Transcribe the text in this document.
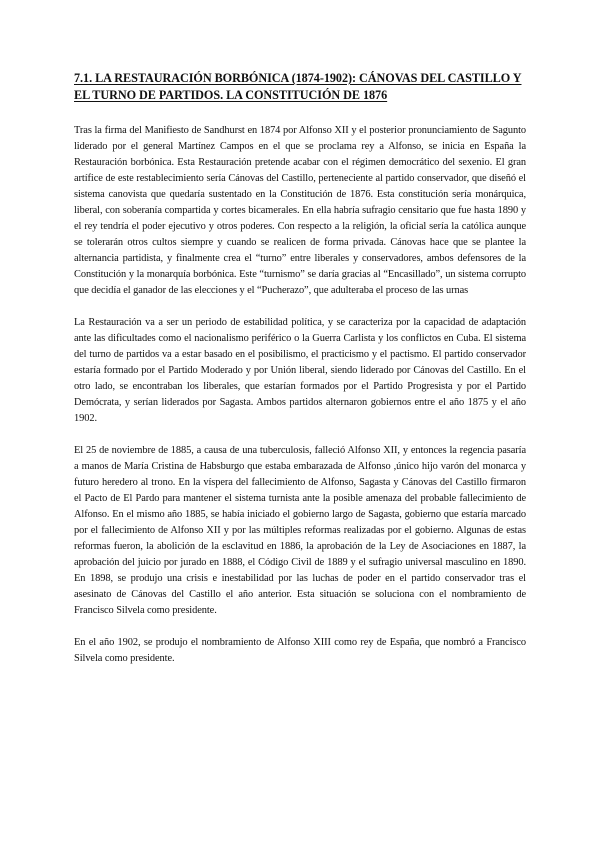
7.1. LA RESTAURACIÓN BORBÓNICA (1874-1902): CÁNOVAS DEL CASTILLO Y EL TURNO DE PARTIDOS. LA CONSTITUCIÓN DE 1876

Tras la firma del Manifiesto de Sandhurst en 1874 por Alfonso XII y el posterior pronunciamiento de Sagunto liderado por el general Martínez Campos en el que se proclama rey a Alfonso, se inicia en España la Restauración borbónica. Esta Restauración pretende acabar con el régimen democrático del sexenio. El gran artífice de este restablecimiento sería Cánovas del Castillo, perteneciente al partido conservador, que diseñó el sistema canovista que quedaría sustentado en la Constitución de 1876. Esta constitución sería monárquica, liberal, con soberanía compartida y cortes bicamerales. En ella habría sufragio censitario que fue hasta 1890 y el rey tendría el poder ejecutivo y otros poderes. Con respecto a la religión, la oficial sería la católica aunque se tolerarán otros cultos siempre y cuando se realicen de forma privada. Cánovas hace que se plantee la alternancia partidista, y finalmente crea el “turno” entre liberales y conservadores, ambos defensores de la Constitución y la monarquía borbónica. Este “turnismo” se daría gracias al “Encasillado”, un sistema corrupto que decidía el ganador de las elecciones y el “Pucherazo”, que adulteraba el proceso de las urnas

La Restauración va a ser un periodo de estabilidad política, y se caracteriza por la capacidad de adaptación ante las dificultades como el nacionalismo periférico o la Guerra Carlista y los conflictos en Cuba. El sistema del turno de partidos va a estar basado en el posibilismo, el practicismo y el pactismo. El partido conservador estaría formado por el Partido Moderado y por Unión liberal, siendo liderado por Cánovas del Castillo. En el otro lado, se encontraban los liberales, que estarían formados por el Partido Progresista y por el Partido Demócrata, y serían liderados por Sagasta. Ambos partidos alternaron gobiernos entre el año 1875 y el año 1902.

El 25 de noviembre de 1885, a causa de una tuberculosis, falleció Alfonso XII, y entonces la regencia pasaría a manos de María Cristina de Habsburgo que estaba embarazada de Alfonso ,único hijo varón del monarca y futuro heredero al trono. En la víspera del fallecimiento de Alfonso, Sagasta y Cánovas del Castillo firmaron el Pacto de El Pardo para mantener el sistema turnista ante la posible amenaza del probable fallecimiento de Alfonso. En el mismo año 1885, se había iniciado el gobierno largo de Sagasta, gobierno que estaría marcado por el fallecimiento de Alfonso XII y por las múltiples reformas realizadas por el gobierno. Algunas de estas reformas fueron, la abolición de la esclavitud en 1886, la aprobación de la Ley de Asociaciones en 1887, la aprobación del juicio por jurado en 1888, el Código Civil de 1889 y el sufragio universal masculino en 1890. En 1898, se produjo una crisis e inestabilidad por las luchas de poder en el partido conservador tras el asesinato de Cánovas del Castillo el año anterior. Esta situación se soluciona con el nombramiento de Francisco Silvela como presidente.

En el año 1902, se produjo el nombramiento de Alfonso XIII como rey de España, que nombró a Francisco Silvela como presidente.
